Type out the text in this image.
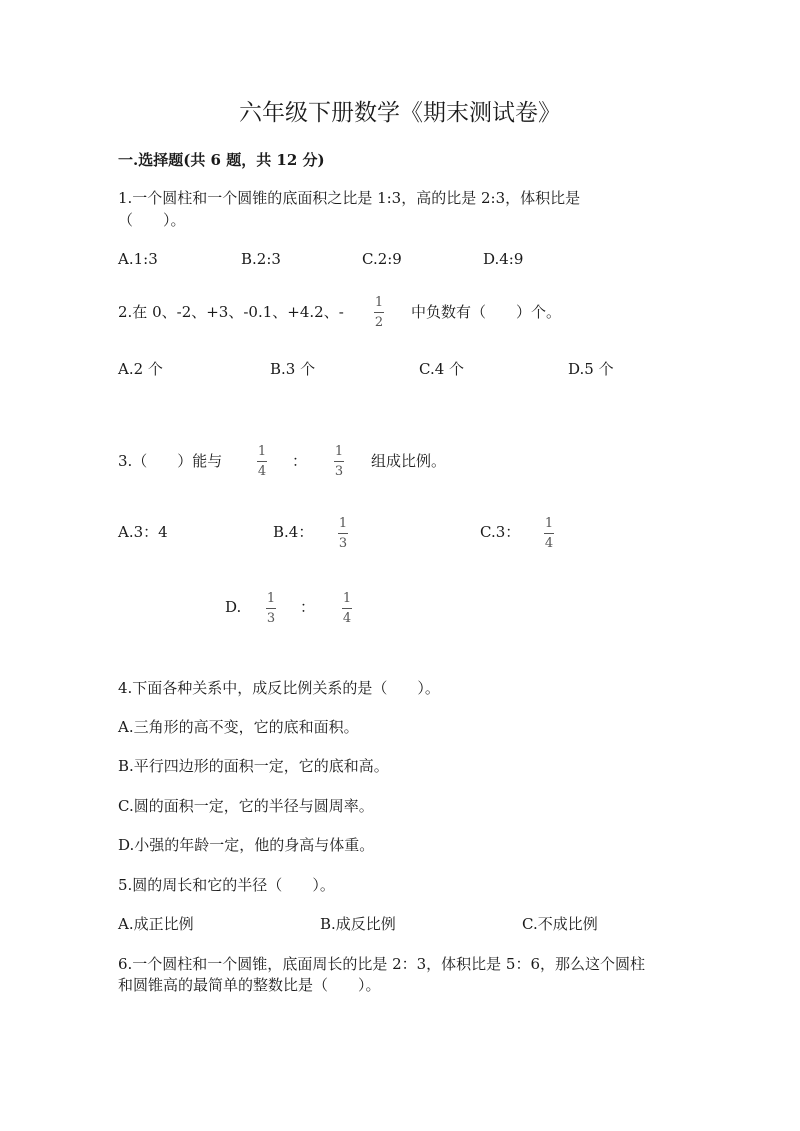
六年级下册数学《期末测试卷》
一.选择题(共 6 题，共 12 分)
1.一个圆柱和一个圆锥的底面积之比是 1:3，高的比是 2:3，体积比是
（　　）。
A.1:3	B.2:3	C.2:9	D.4:9
2.在 0、-2、+3、-0.1、+4.2、-
1
2
中负数有（　　）个。
A.2 个	B.3 个	C.4 个	D.5 个
3.（　　）能与
1
4
：
1
3
组成比例。
A.3：4	B.4： 1
3
C.3： 1
4
D. 1
3
： 1
4
4.下面各种关系中，成反比例关系的是（　　）。
A.三角形的高不变，它的底和面积。
B.平行四边形的面积一定，它的底和高。
C.圆的面积一定，它的半径与圆周率。
D.小强的年龄一定，他的身高与体重。
5.圆的周长和它的半径（　　）。
A.成正比例	B.成反比例	C.不成比例
6.一个圆柱和一个圆锥，底面周长的比是 2：3，体积比是 5：6，那么这个圆柱
和圆锥高的最简单的整数比是（　　）。
